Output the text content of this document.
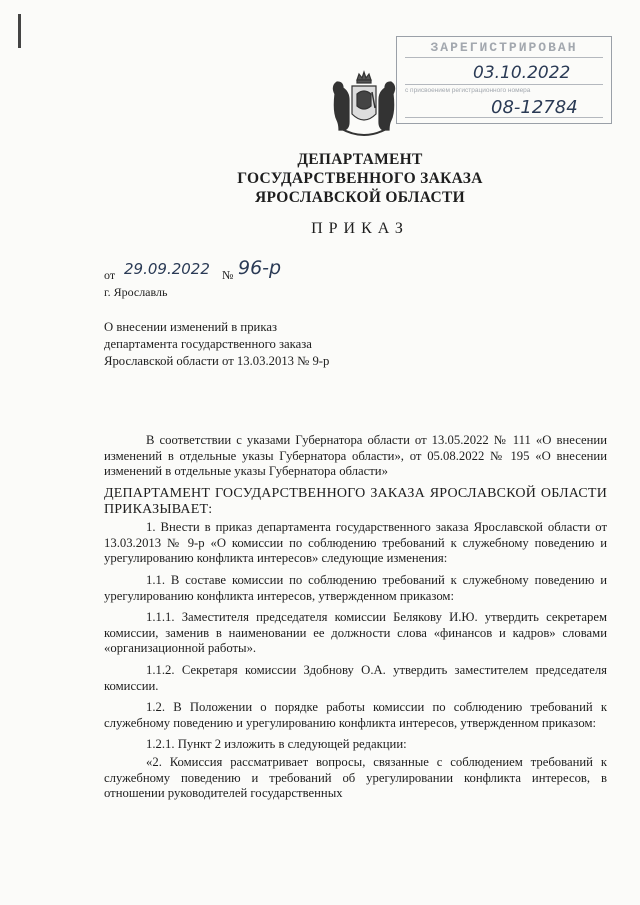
ЗАРЕГИСТРИРОВАН
03.10.2022
с присвоением регистрационного номера
08-12784
ДЕПАРТАМЕНТ
ГОСУДАРСТВЕННОГО ЗАКАЗА
ЯРОСЛАВСКОЙ ОБЛАСТИ
ПРИКАЗ
от 29.09.2022 № 96-р
г. Ярославль
О внесении изменений в приказ департамента государственного заказа Ярославской области от 13.03.2013 № 9-р

В соответствии с указами Губернатора области от 13.05.2022 № 111 «О внесении изменений в отдельные указы Губернатора области», от 05.08.2022 № 195 «О внесении изменений в отдельные указы Губернатора области»

ДЕПАРТАМЕНТ ГОСУДАРСТВЕННОГО ЗАКАЗА ЯРОСЛАВСКОЙ ОБЛАСТИ ПРИКАЗЫВАЕТ:

1. Внести в приказ департамента государственного заказа Ярославской области от 13.03.2013 № 9-р «О комиссии по соблюдению требований к служебному поведению и урегулированию конфликта интересов» следующие изменения:

1.1. В составе комиссии по соблюдению требований к служебному поведению и урегулированию конфликта интересов, утвержденном приказом:

1.1.1. Заместителя председателя комиссии Белякову И.Ю. утвердить секретарем комиссии, заменив в наименовании ее должности слова «финансов и кадров» словами «организационной работы».

1.1.2. Секретаря комиссии Здобнову О.А. утвердить заместителем председателя комиссии.

1.2. В Положении о порядке работы комиссии по соблюдению требований к служебному поведению и урегулированию конфликта интересов, утвержденном приказом:

1.2.1. Пункт 2 изложить в следующей редакции:

«2. Комиссия рассматривает вопросы, связанные с соблюдением требований к служебному поведению и требований об урегулировании конфликта интересов, в отношении руководителей государственных
